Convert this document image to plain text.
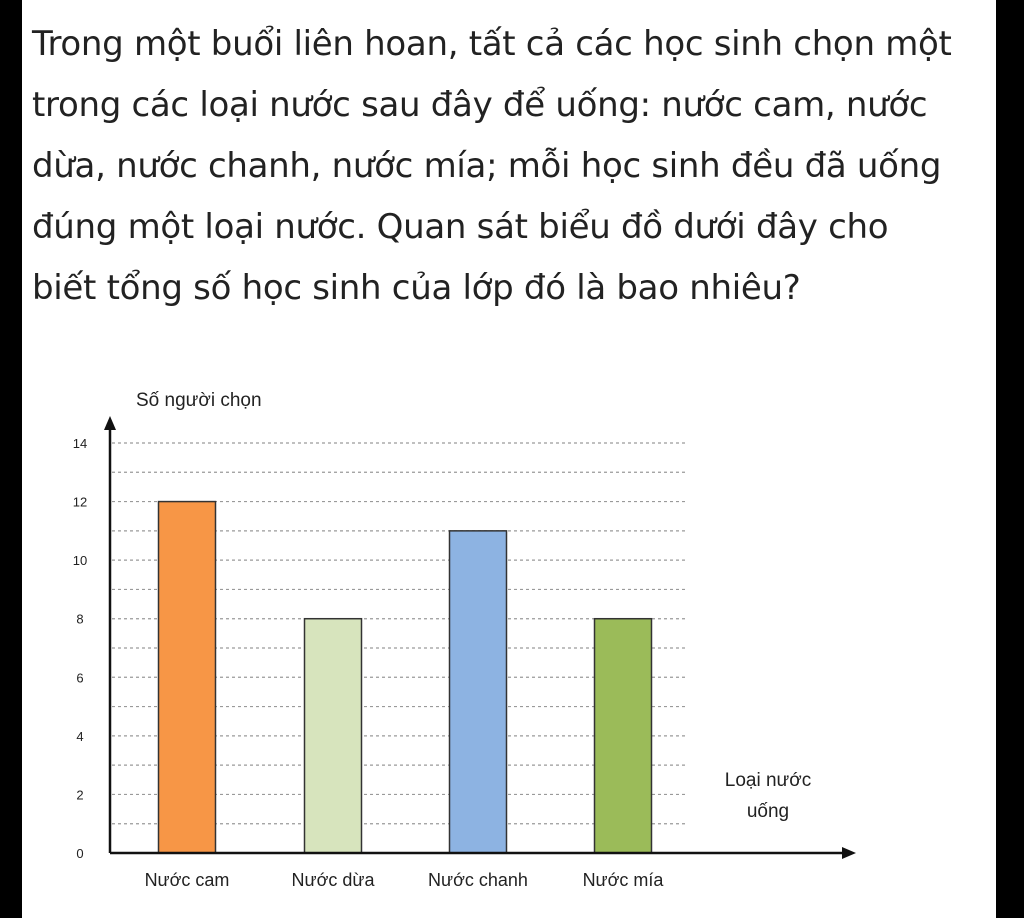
Trong một buổi liên hoan, tất cả các học sinh chọn một trong các loại nước sau đây để uống: nước cam, nước dừa, nước chanh, nước mía; mỗi học sinh đều đã uống đúng một loại nước. Quan sát biểu đồ dưới đây cho biết tổng số học sinh của lớp đó là bao nhiêu?
0
2
4
6
8
10
12
14
Nước cam	Nước dừa	Nước chanh	Nước mía
Số người chọn
Loại nước
uống
